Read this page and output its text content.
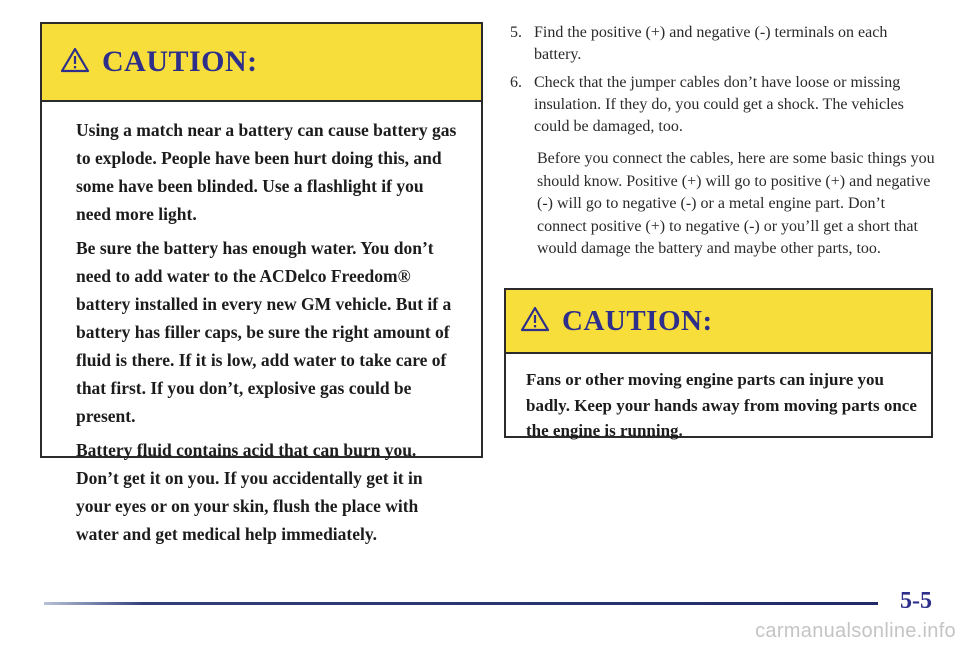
CAUTION:

Using a match near a battery can cause battery gas to explode. People have been hurt doing this, and some have been blinded. Use a flashlight if you need more light.

Be sure the battery has enough water. You don’t need to add water to the ACDelco Freedom® battery installed in every new GM vehicle. But if a battery has filler caps, be sure the right amount of fluid is there. If it is low, add water to take care of that first. If you don’t, explosive gas could be present.

Battery fluid contains acid that can burn you. Don’t get it on you. If you accidentally get it in your eyes or on your skin, flush the place with water and get medical help immediately.

5. Find the positive (+) and negative (-) terminals on each battery.
6. Check that the jumper cables don’t have loose or missing insulation. If they do, you could get a shock. The vehicles could be damaged, too.

Before you connect the cables, here are some basic things you should know. Positive (+) will go to positive (+) and negative (-) will go to negative (-) or a metal engine part. Don’t connect positive (+) to negative (-) or you’ll get a short that would damage the battery and maybe other parts, too.

CAUTION:

Fans or other moving engine parts can injure you badly. Keep your hands away from moving parts once the engine is running.

5-5
carmanualsonline.info
